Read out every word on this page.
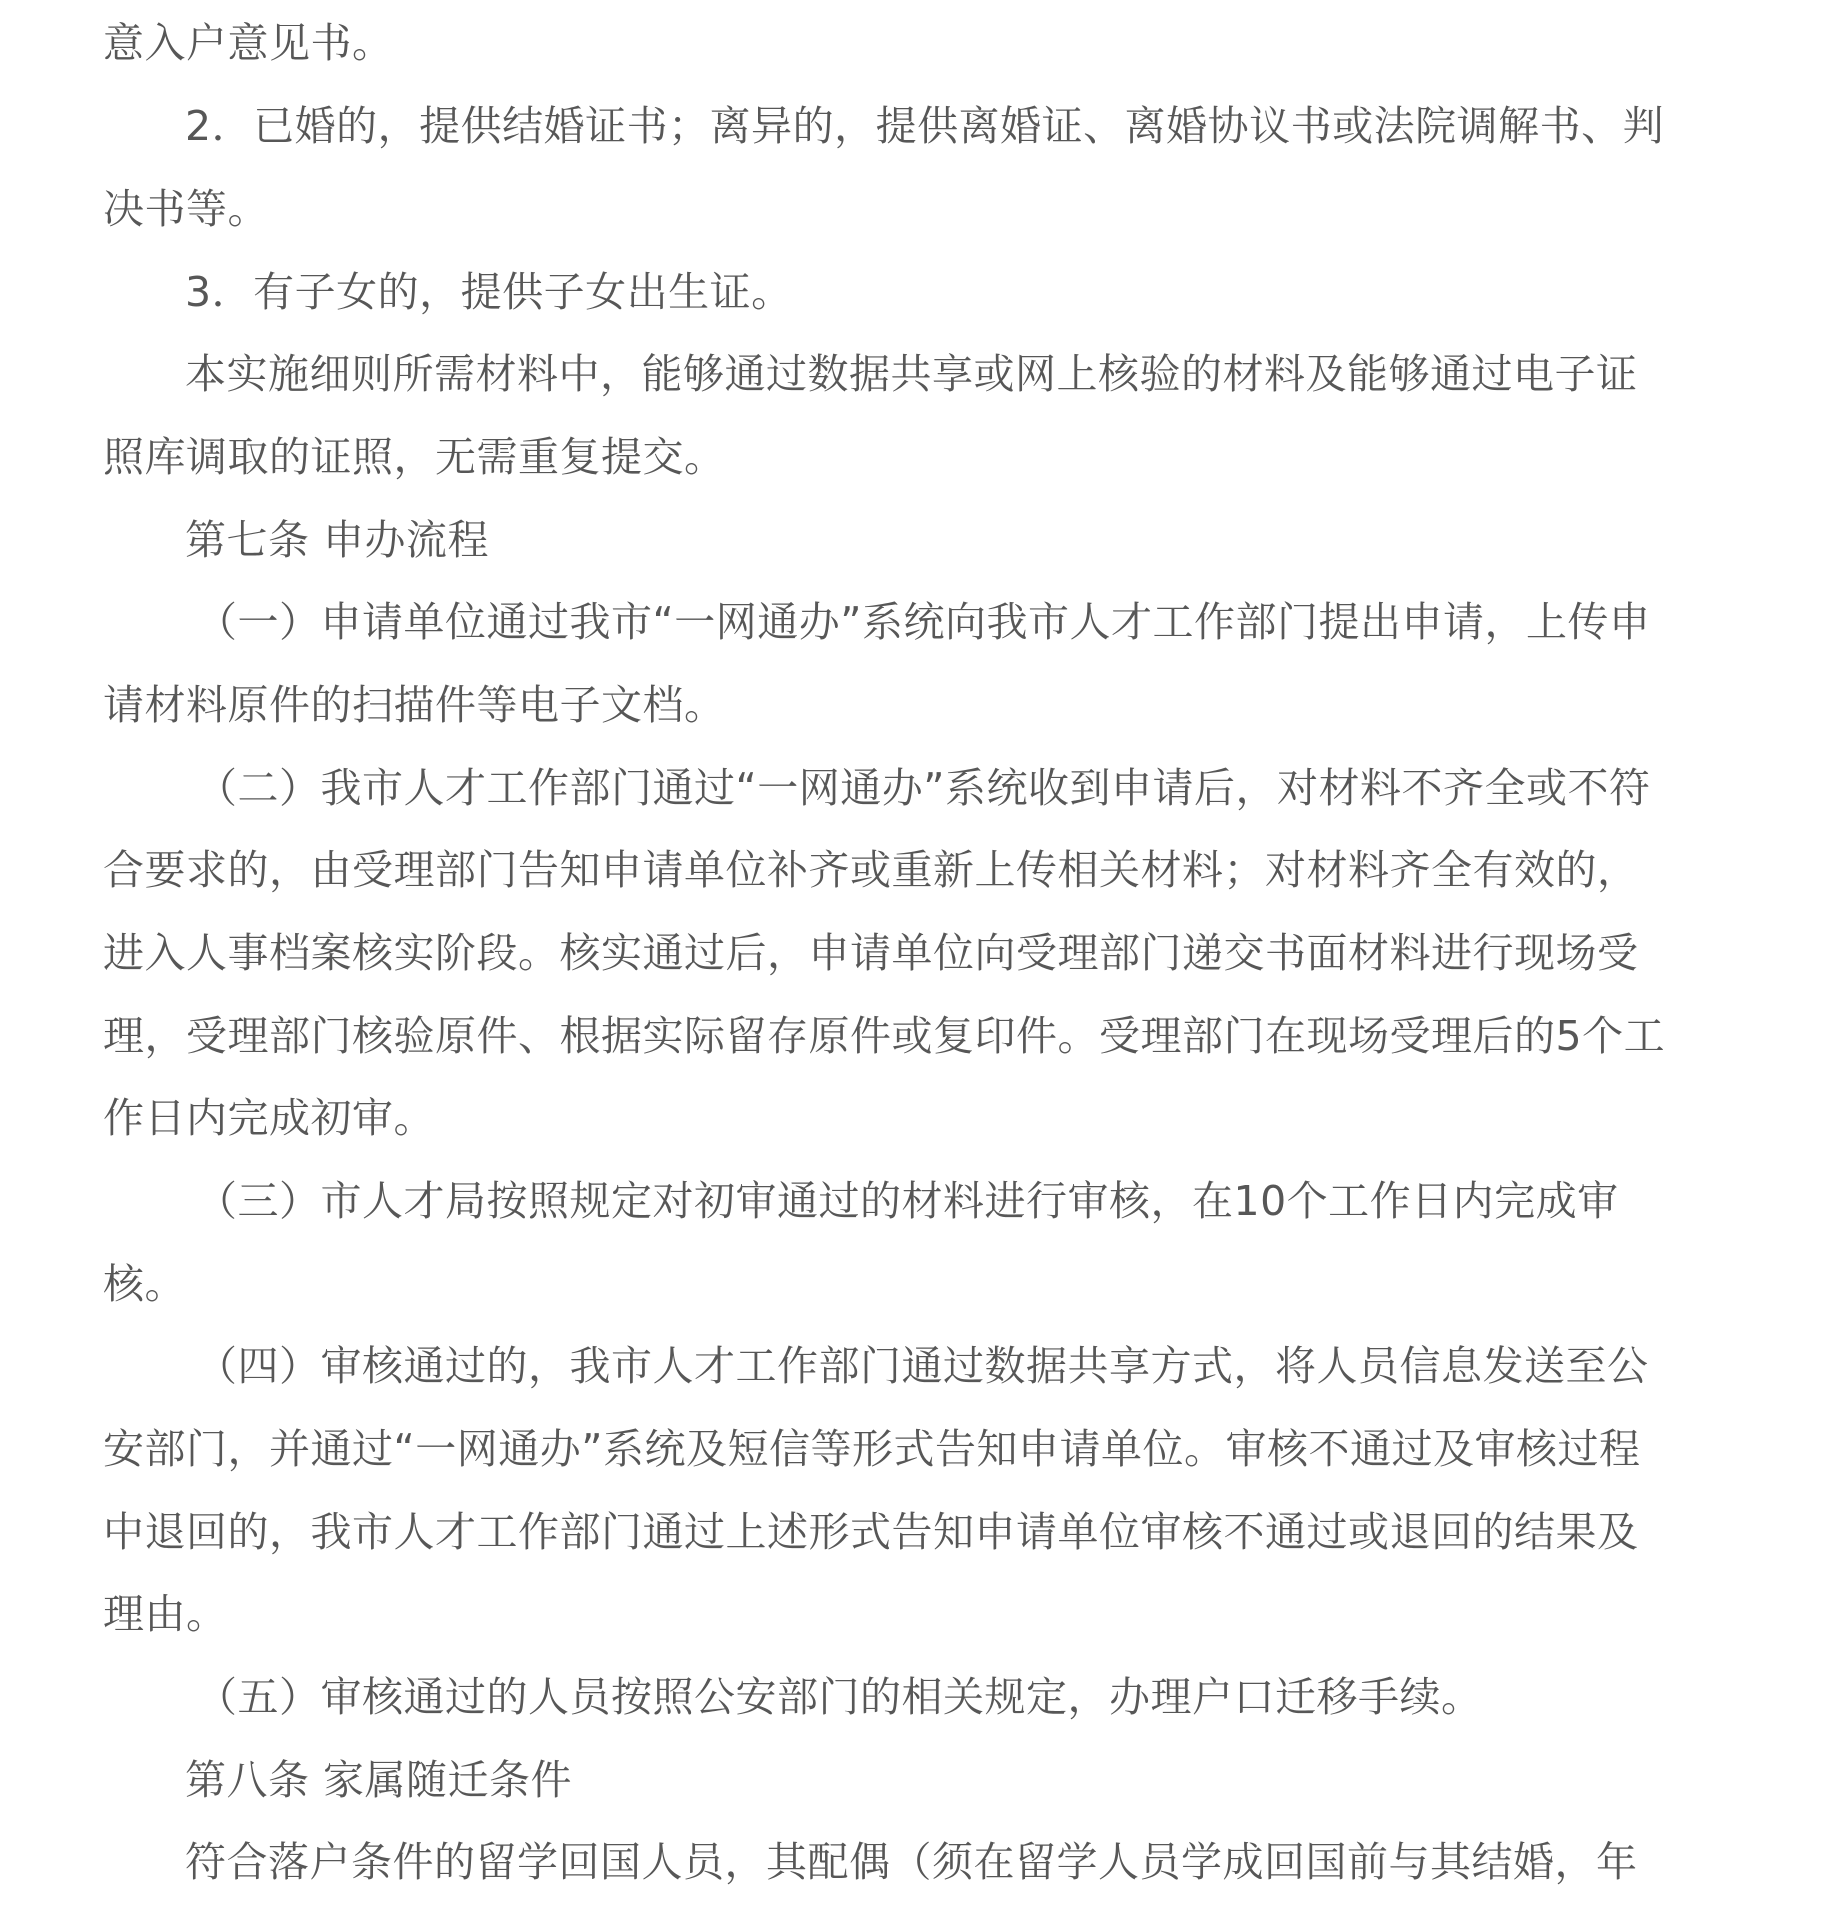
意入户意见书。
2．已婚的，提供结婚证书；离异的，提供离婚证、离婚协议书或法院调解书、判
决书等。
3．有子女的，提供子女出生证。
本实施细则所需材料中，能够通过数据共享或网上核验的材料及能够通过电子证
照库调取的证照，无需重复提交。
第七条 申办流程
（一）申请单位通过我市“一网通办”系统向我市人才工作部门提出申请，上传申
请材料原件的扫描件等电子文档。
（二）我市人才工作部门通过“一网通办”系统收到申请后，对材料不齐全或不符
合要求的，由受理部门告知申请单位补齐或重新上传相关材料；对材料齐全有效的，
进入人事档案核实阶段。核实通过后，申请单位向受理部门递交书面材料进行现场受
理，受理部门核验原件、根据实际留存原件或复印件。受理部门在现场受理后的5个工
作日内完成初审。
（三）市人才局按照规定对初审通过的材料进行审核，在10个工作日内完成审
核。
（四）审核通过的，我市人才工作部门通过数据共享方式，将人员信息发送至公
安部门，并通过“一网通办”系统及短信等形式告知申请单位。审核不通过及审核过程
中退回的，我市人才工作部门通过上述形式告知申请单位审核不通过或退回的结果及
理由。
（五）审核通过的人员按照公安部门的相关规定，办理户口迁移手续。
第八条 家属随迁条件
符合落户条件的留学回国人员，其配偶（须在留学人员学成回国前与其结婚，年
